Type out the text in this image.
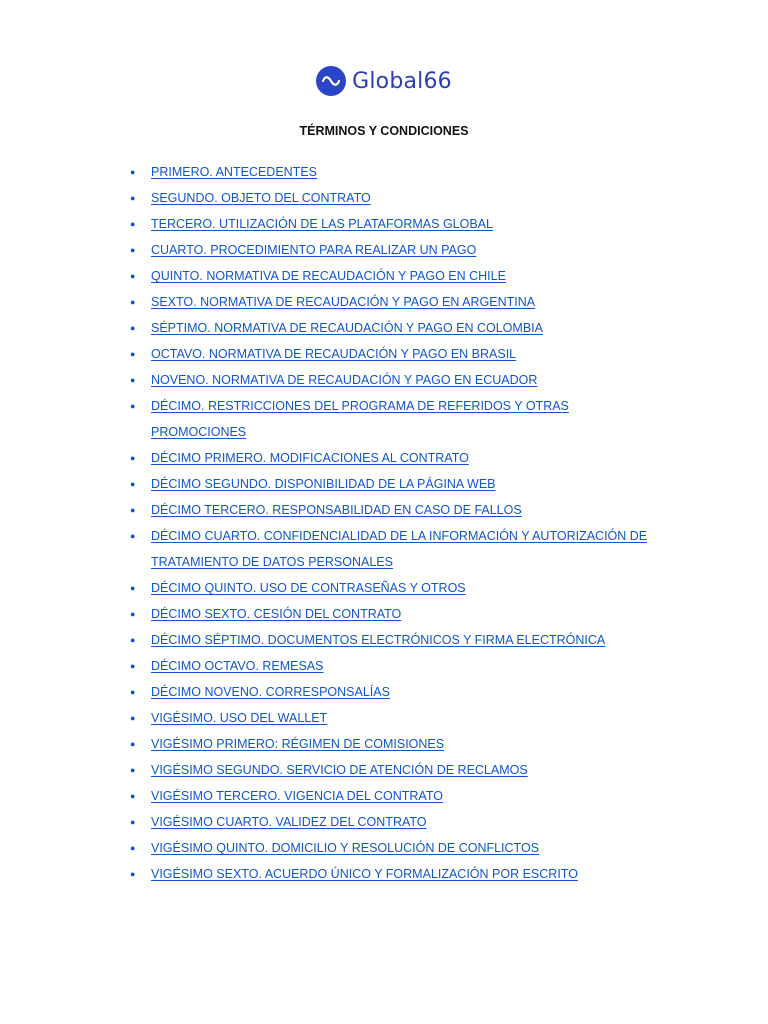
Global66
TÉRMINOS Y CONDICIONES
●	PRIMERO. ANTECEDENTES
●	SEGUNDO. OBJETO DEL CONTRATO
●	TERCERO. UTILIZACIÓN DE LAS PLATAFORMAS GLOBAL
●	CUARTO. PROCEDIMIENTO PARA REALIZAR UN PAGO
●	QUINTO. NORMATIVA DE RECAUDACIÓN Y PAGO EN CHILE
●	SEXTO. NORMATIVA DE RECAUDACIÓN Y PAGO EN ARGENTINA
●	SÉPTIMO. NORMATIVA DE RECAUDACIÓN Y PAGO EN COLOMBIA
●	OCTAVO. NORMATIVA DE RECAUDACIÓN Y PAGO EN BRASIL
●	NOVENO. NORMATIVA DE RECAUDACIÓN Y PAGO EN ECUADOR
●	DÉCIMO. RESTRICCIONES DEL PROGRAMA DE REFERIDOS Y OTRAS PROMOCIONES
●	DÉCIMO PRIMERO. MODIFICACIONES AL CONTRATO
●	DÉCIMO SEGUNDO. DISPONIBILIDAD DE LA PÁGINA WEB
●	DÉCIMO TERCERO. RESPONSABILIDAD EN CASO DE FALLOS
●	DÉCIMO CUARTO. CONFIDENCIALIDAD DE LA INFORMACIÓN Y AUTORIZACIÓN DE TRATAMIENTO DE DATOS PERSONALES
●	DÉCIMO QUINTO. USO DE CONTRASEÑAS Y OTROS
●	DÉCIMO SEXTO. CESIÓN DEL CONTRATO
●	DÉCIMO SÉPTIMO. DOCUMENTOS ELECTRÓNICOS Y FIRMA ELECTRÓNICA
●	DÉCIMO OCTAVO. REMESAS
●	DÉCIMO NOVENO. CORRESPONSALÍAS
●	VIGÉSIMO. USO DEL WALLET
●	VIGÉSIMO PRIMERO: RÉGIMEN DE COMISIONES
●	VIGÉSIMO SEGUNDO. SERVICIO DE ATENCIÓN DE RECLAMOS
●	VIGÉSIMO TERCERO. VIGENCIA DEL CONTRATO
●	VIGÉSIMO CUARTO. VALIDEZ DEL CONTRATO
●	VIGÉSIMO QUINTO. DOMICILIO Y RESOLUCIÓN DE CONFLICTOS
●	VIGÉSIMO SEXTO. ACUERDO ÚNICO Y FORMALIZACIÓN POR ESCRITO
